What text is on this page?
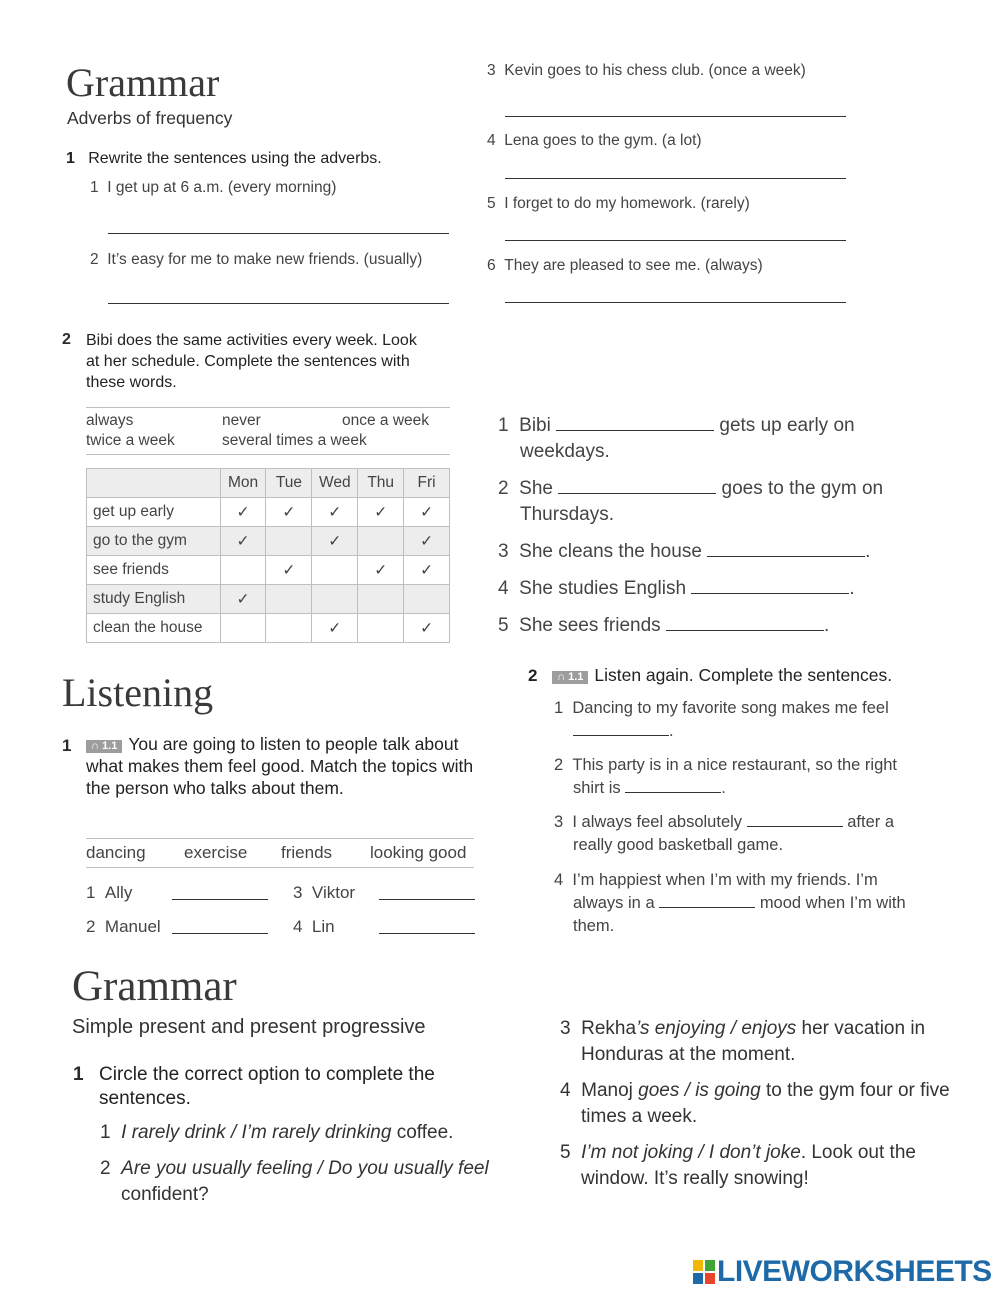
Grammar
Adverbs of frequency
1 Rewrite the sentences using the adverbs.
1 I get up at 6 a.m. (every morning)
2 It’s easy for me to make new friends. (usually)
3 Kevin goes to his chess club. (once a week)
4 Lena goes to the gym. (a lot)
5 I forget to do my homework. (rarely)
6 They are pleased to see me. (always)
2 Bibi does the same activities every week. Look at her schedule. Complete the sentences with these words.
always	never	once a week
twice a week	several times a week
	Mon	Tue	Wed	Thu	Fri
get up early	✓	✓	✓	✓	✓
go to the gym	✓		✓		✓
see friends		✓		✓	✓
study English	✓				
clean the house			✓		✓
1 Bibi	gets up early on
weekdays.
2 She	goes to the gym on
Thursdays.
3 She cleans the house	.
4 She studies English	.
5 She sees friends	.
Listening
1	∩ 1.1 You are going to listen to people talk about what makes them feel good. Match the topics with the person who talks about them.
dancing exercise friends looking good
1 Ally	3 Viktor
2 Manuel	4 Lin
2 ∩ 1.1 Listen again. Complete the sentences.
1 Dancing to my favorite song makes me feel
.
2 This party is in a nice restaurant, so the right
shirt is	.
3 I always feel absolutely	after a
really good basketball game.
4 I’m happiest when I’m with my friends. I’m
always in a	mood when I’m with
them.
Grammar
Simple present and present progressive
1 Circle the correct option to complete the sentences.
1 I rarely drink / I’m rarely drinking coffee.
2 Are you usually feeling / Do you usually feel
confident?
3 Rekha’s enjoying / enjoys her vacation in
Honduras at the moment.
4 Manoj goes / is going to the gym four or five
times a week.
5 I’m not joking / I don’t joke. Look out the
window. It’s really snowing!
LIVEWORKSHEETS
